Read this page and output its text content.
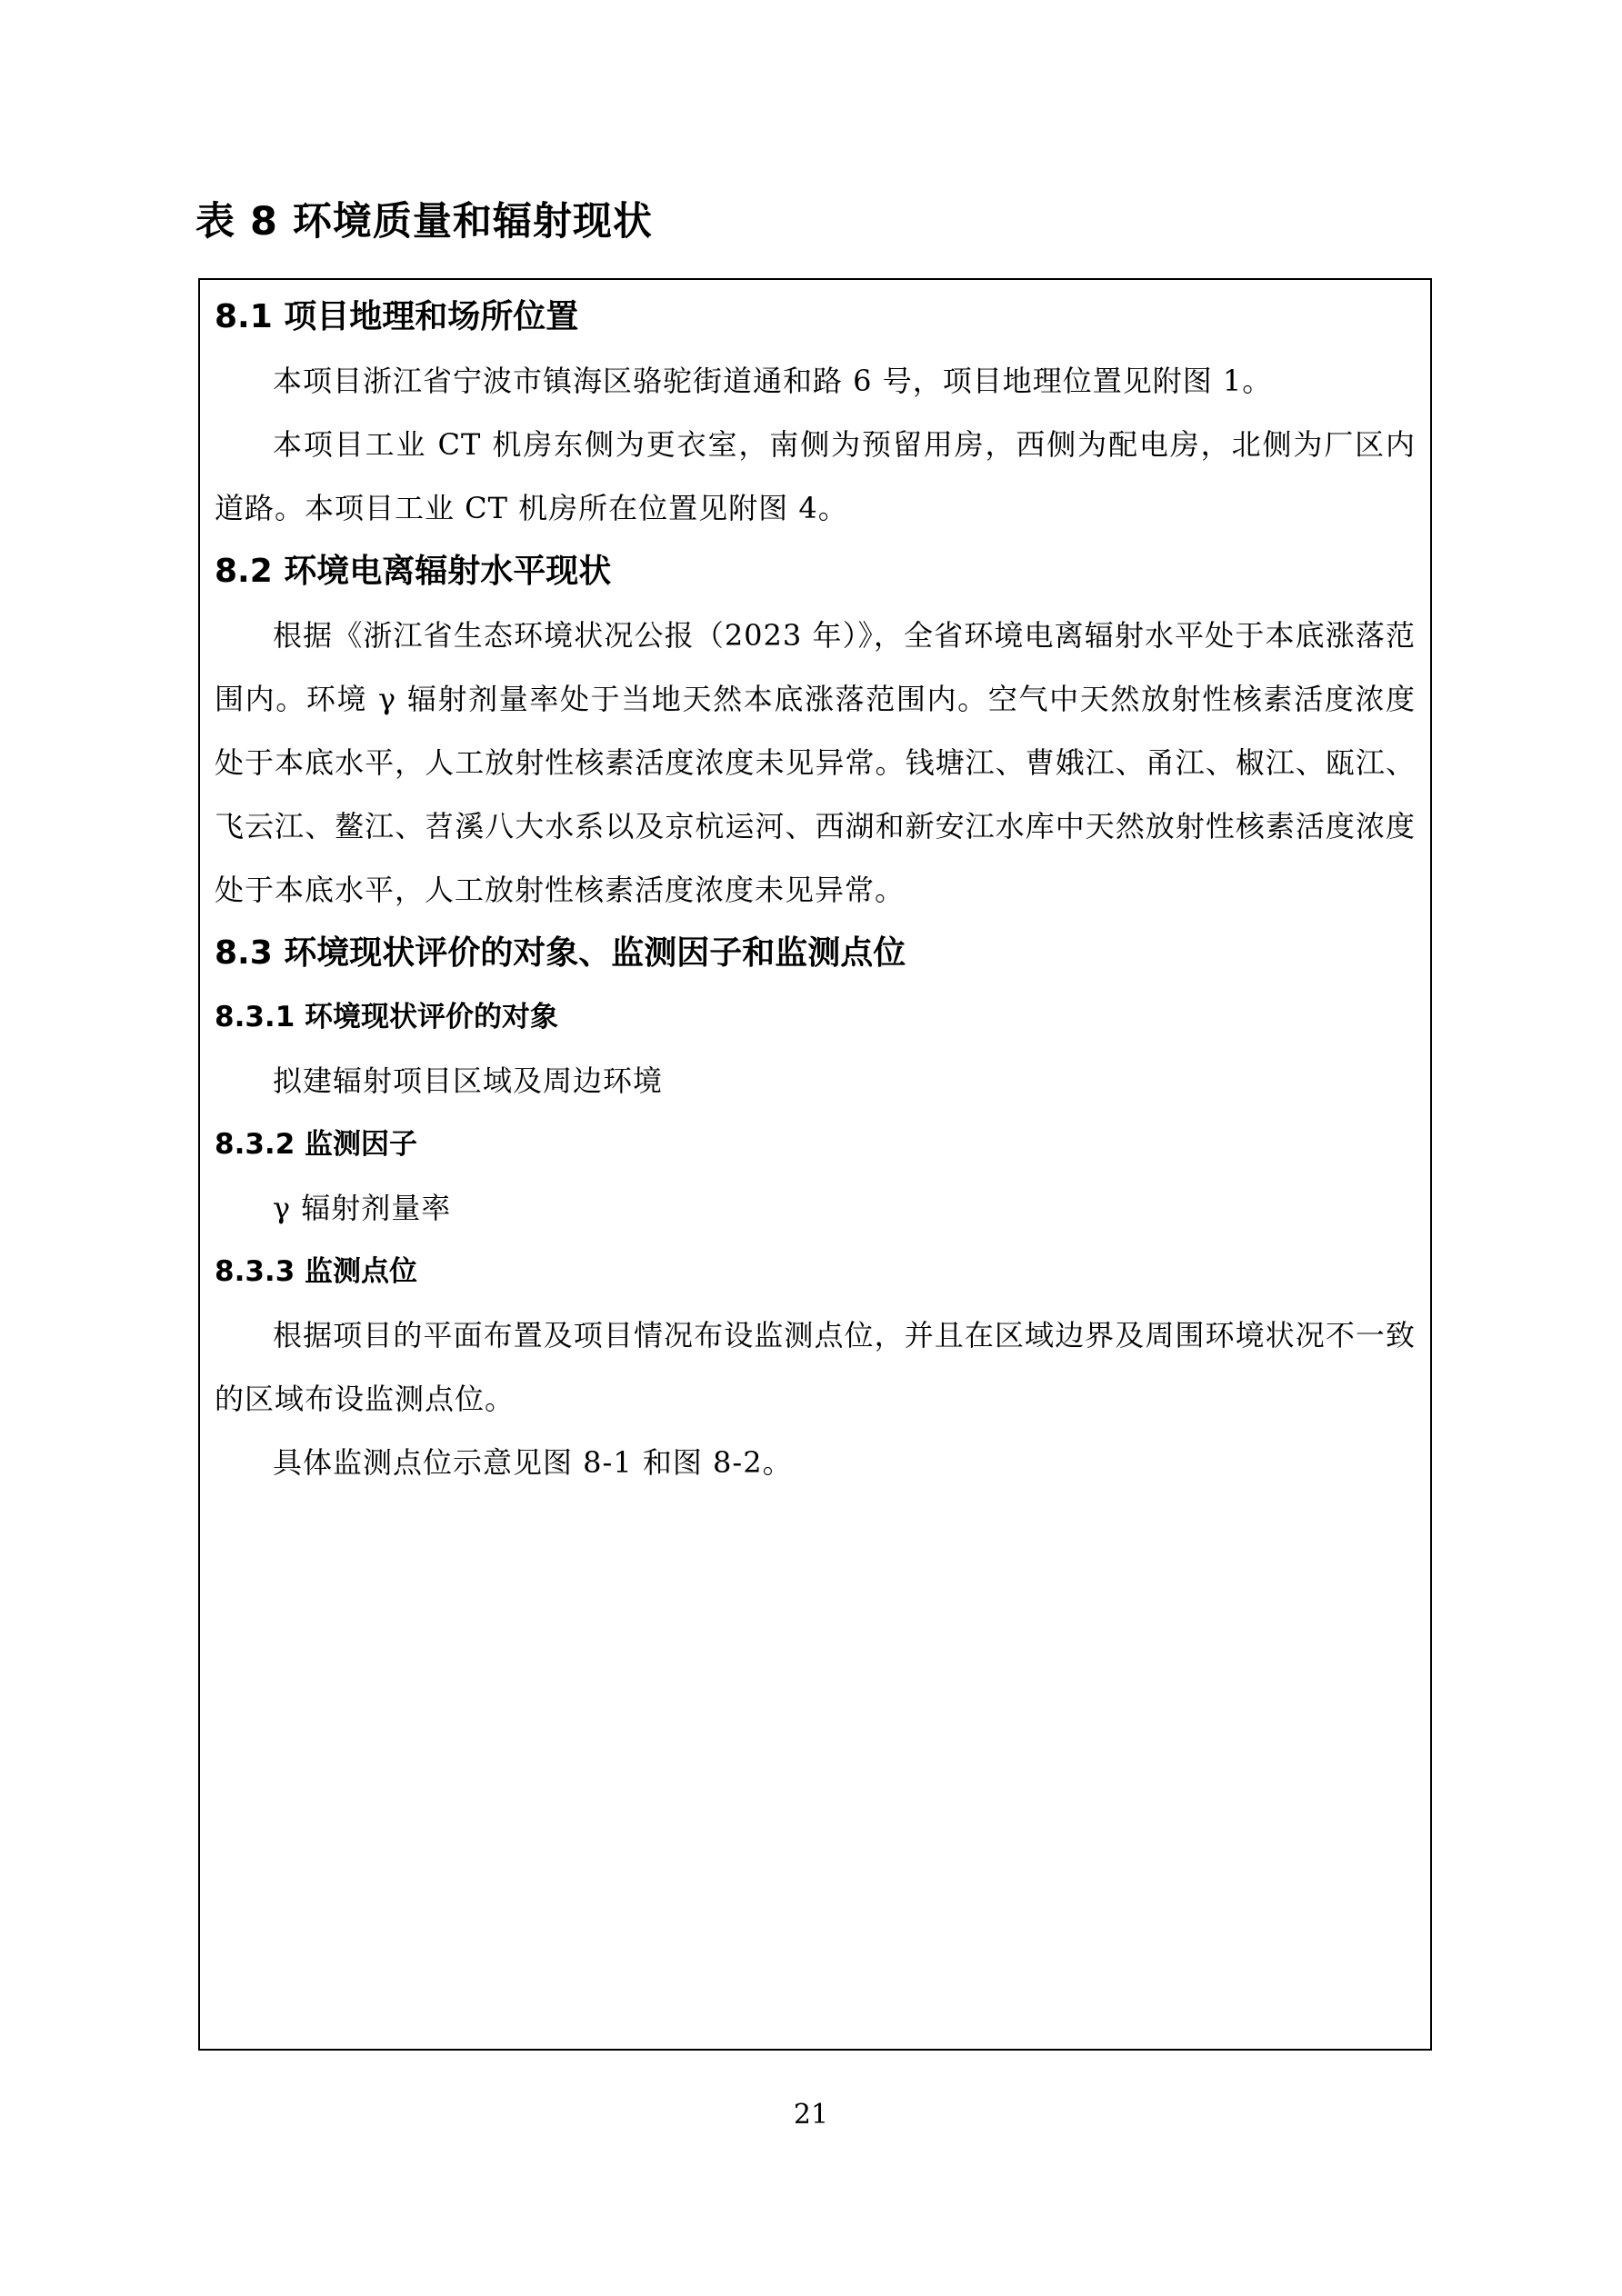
表 8 环境质量和辐射现状
8.1 项目地理和场所位置

本项目浙江省宁波市镇海区骆驼街道通和路 6 号，项目地理位置见附图 1。

本项目工业 CT 机房东侧为更衣室，南侧为预留用房，西侧为配电房，北侧为厂区内道路。本项目工业 CT 机房所在位置见附图 4。

8.2 环境电离辐射水平现状

根据《浙江省生态环境状况公报（2023 年）》，全省环境电离辐射水平处于本底涨落范围内。环境 γ 辐射剂量率处于当地天然本底涨落范围内。空气中天然放射性核素活度浓度处于本底水平，人工放射性核素活度浓度未见异常。钱塘江、曹娥江、甬江、椒江、瓯江、飞云江、鳌江、苕溪八大水系以及京杭运河、西湖和新安江水库中天然放射性核素活度浓度处于本底水平，人工放射性核素活度浓度未见异常。

8.3 环境现状评价的对象、监测因子和监测点位
8.3.1 环境现状评价的对象

拟建辐射项目区域及周边环境

8.3.2 监测因子

γ 辐射剂量率

8.3.3 监测点位

根据项目的平面布置及项目情况布设监测点位，并且在区域边界及周围环境状况不一致的区域布设监测点位。

具体监测点位示意见图 8-1 和图 8-2。

21
